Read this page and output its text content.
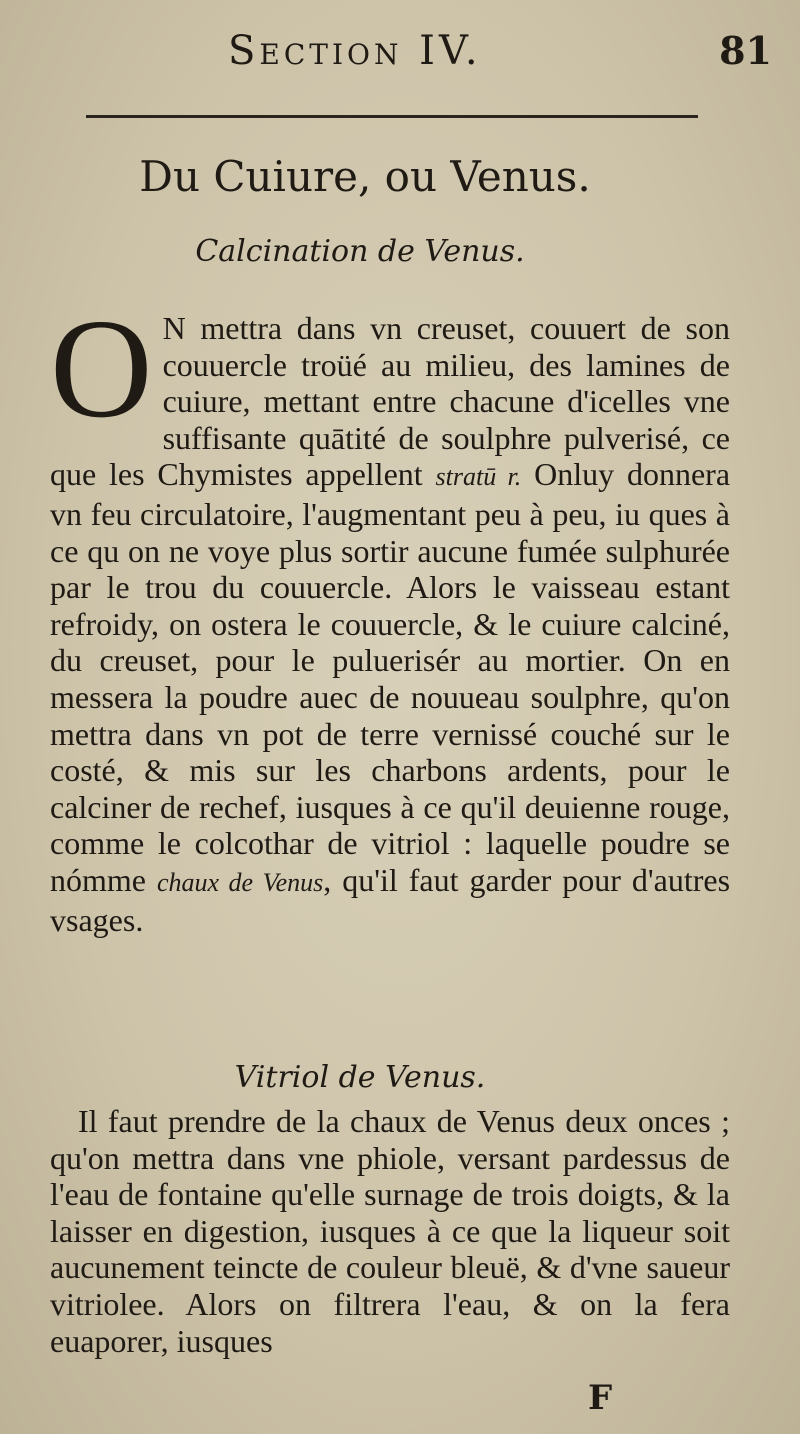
Section IV.	81
Du Cuiure, ou Venus.
Calcination de Venus.

O N mettra dans vn creuset, couuert de son couuercle troüé au milieu, des lamines de cuiure, mettant entre chacune d'icelles vne suffisante quātité de soulphre pulverisé, ce que les Chymistes appellent stratū r. Onluy donnera vn feu circulatoire, l'augmentant peu à peu, iu ques à ce qu on ne voye plus sortir aucune fumée sulphurée par le trou du couuercle. Alors le vaisseau estant refroidy, on ostera le couuercle, & le cuiure calciné, du creuset, pour le puluerisér au mortier. On en messera la poudre auec de nouueau soulphre, qu'on mettra dans vn pot de terre vernissé couché sur le costé, & mis sur les charbons ardents, pour le calciner de rechef, iusques à ce qu'il deuienne rouge, comme le colcothar de vitriol : laquelle poudre se nómme chaux de Venus, qu'il faut garder pour d'autres vsages.

Vitriol de Venus.

Il faut prendre de la chaux de Venus deux onces ; qu'on mettra dans vne phiole, versant pardessus de l'eau de fontaine qu'elle surnage de trois doigts, & la laisser en digestion, iusques à ce que la liqueur soit aucunement teincte de couleur bleuë, & d'vne saueur vitriolee. Alors on filtrera l'eau, & on la fera euaporer, iusques

F
